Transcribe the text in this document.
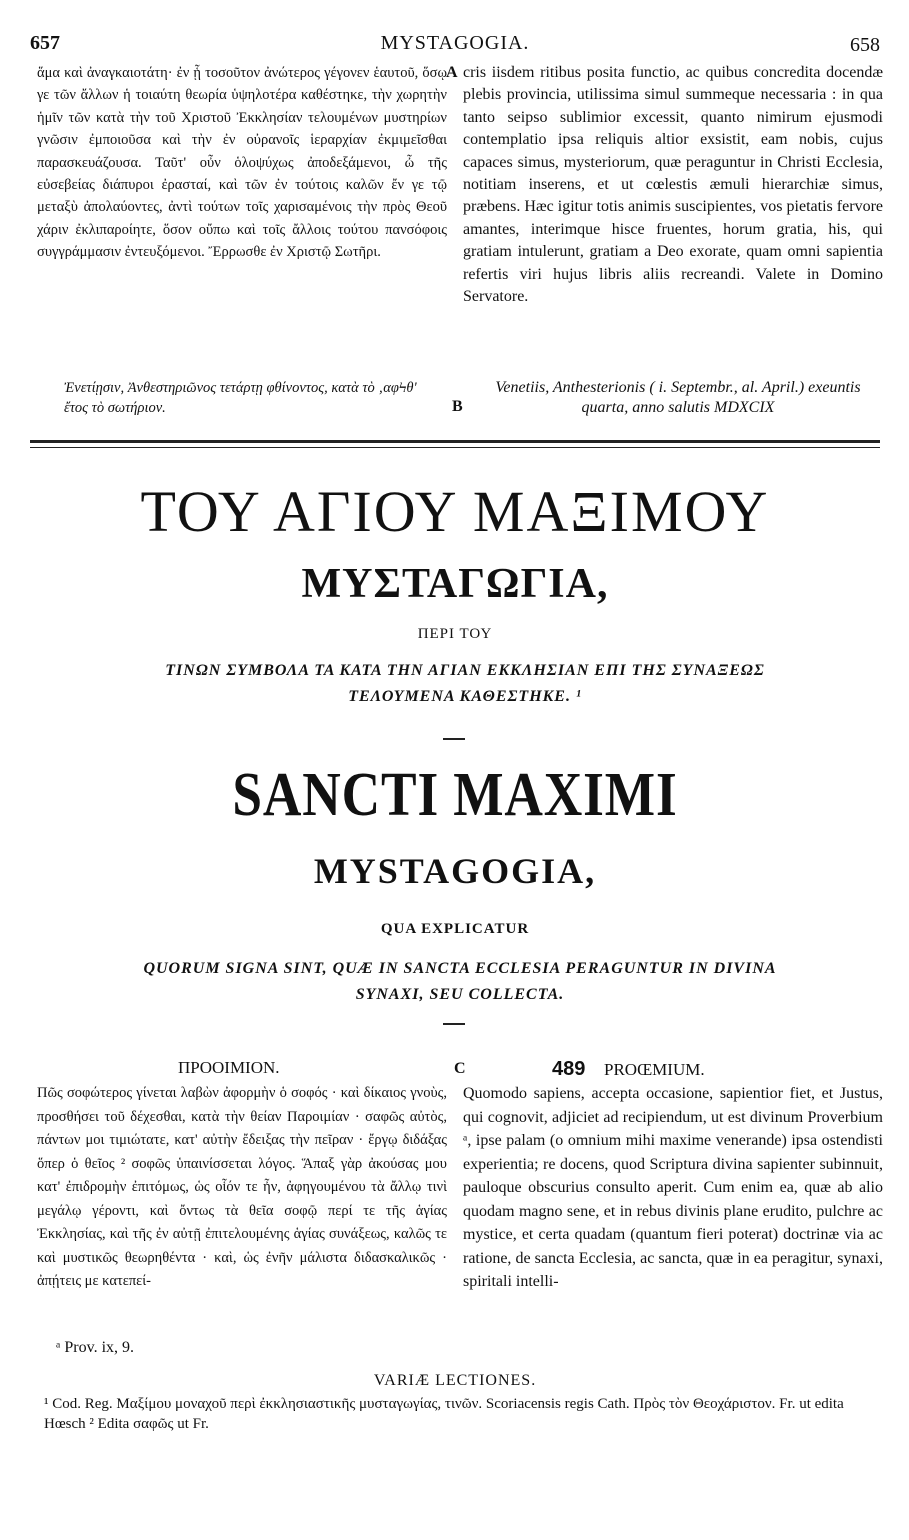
657	MYSTAGOGIA.	658

ἅμα καὶ ἀναγκαιοτάτη· ἐν ᾗ τοσοῦτον ἀνώτερος γέγονεν ἑαυτοῦ, ὅσῳ γε τῶν ἄλλων ἡ τοιαύτη θεωρία ὑψηλοτέρα καθέστηκε, τὴν χωρητὴν ἡμῖν τῶν κατὰ τὴν τοῦ Χριστοῦ Ἐκκλησίαν τελουμένων μυστηρίων γνῶσιν ἐμποιοῦσα καὶ τὴν ἐν οὐρανοῖς ἱεραρχίαν ἐκμιμεῖσθαι παρασκευάζουσα. Ταῦτ' οὖν ὁλοψύχως ἀποδεξάμενοι, ὦ τῆς εὐσεβείας διάπυροι ἐρασταί, καὶ τῶν ἐν τούτοις καλῶν ἔν γε τῷ μεταξὺ ἀπολαύοντες, ἀντὶ τούτων τοῖς χαρισαμένοις τὴν πρὸς Θεοῦ χάριν ἐκλιπαροίητε, ὅσον οὔπω καὶ τοῖς ἄλλοις τούτου πανσόφοις συγγράμμασιν ἐντευξόμενοι. Ἔρρωσθε ἐν Χριστῷ Σωτῆρι.

Ἐνετίῃσιν, Ἀνθεστηριῶνος τετάρτῃ φθίνοντος, κατὰ τὸ ‚αφϞθ' ἔτος τὸ σωτήριον.

cris iisdem ritibus posita functio, ac quibus concredita docendæ plebis provincia, utilissima simul summeque necessaria : in qua tanto seipso sublimior excessit, quanto nimirum ejusmodi contemplatio ipsa reliquis altior exsistit, eam nobis, cujus capaces simus, mysteriorum, quæ peraguntur in Christi Ecclesia, notitiam inserens, et ut cœlestis æmuli hierarchiæ simus, præbens. Hæc igitur totis animis suscipientes, vos pietatis fervore amantes, interimque hisce fruentes, horum gratia, his, qui gratiam intulerunt, gratiam a Deo exorate, quam omni sapientia refertis viri hujus libris aliis recreandi. Valete in Domino Servatore.

Venetiis, Anthesterionis ( i. Septembr., al. April.) exeuntis quarta, anno salutis MDXCIX

A
B
C

ΤΟΥ ΑΓΙΟΥ ΜΑΞΙΜΟΥ

ΜΥΣΤΑΓΩΓΙΑ,

ΠΕΡΙ ΤΟΥ

ΤΙΝΩΝ ΣΥΜΒΟΛΑ ΤΑ ΚΑΤΑ ΤΗΝ ΑΓΙΑΝ ΕΚΚΛΗΣΙΑΝ ΕΠΙ ΤΗΣ ΣΥΝΑΞΕΩΣ ΤΕΛΟΥΜΕΝΑ ΚΑΘΕΣΤΗΚΕ. ¹

SANCTI MAXIMI

MYSTAGOGIA,

QUA EXPLICATUR

QUORUM SIGNA SINT, QUÆ IN SANCTA ECCLESIA PERAGUNTUR IN DIVINA SYNAXI, SEU COLLECTA.

ΠΡΟΟΙΜΙΟΝ.	489 PROŒMIUM.

Πῶς σοφώτερος γίνεται λαβὼν ἀφορμὴν ὁ σοφός · καὶ δίκαιος γνοὺς, προσθήσει τοῦ δέχεσθαι, κατὰ τὴν θείαν Παροιμίαν · σαφῶς αὐτὸς, πάντων μοι τιμιώτατε, κατ' αὐτὴν ἔδειξας τὴν πεῖραν · ἔργῳ διδάξας ὅπερ ὁ θεῖος ² σοφῶς ὑπαινίσσεται λόγος. Ἅπαξ γὰρ ἀκούσας μου κατ' ἐπιδρομὴν ἐπιτόμως, ὡς οἷόν τε ἦν, ἀφηγουμένου τὰ ἄλλῳ τινὶ μεγάλῳ γέροντι, καὶ ὄντως τὰ θεῖα σοφῷ περί τε τῆς ἁγίας Ἐκκλησίας, καὶ τῆς ἐν αὐτῇ ἐπιτελουμένης ἁγίας συνάξεως, καλῶς τε καὶ μυστικῶς θεωρηθέντα · καὶ, ὡς ἐνῆν μάλιστα διδασκαλικῶς · ἀπῄτεις με κατεπεί-

Quomodo sapiens, accepta occasione, sapientior fiet, et Justus, qui cognovit, adjiciet ad recipiendum, ut est divinum Proverbium ᵃ, ipse palam (o omnium mihi maxime venerande) ipsa ostendisti experientia; re docens, quod Scriptura divina sapienter subinnuit, pauloque obscurius consulto aperit. Cum enim ea, quæ ab alio quodam magno sene, et in rebus divinis plane erudito, pulchre ac mystice, et certa quadam (quantum fieri poterat) doctrinæ via ac ratione, de sancta Ecclesia, ac sancta, quæ in ea peragitur, synaxi, spiritali intelli-

ᵃ Prov. ix, 9.
VARIÆ LECTIONES.

¹ Cod. Reg. Μαξίμου μοναχοῦ περὶ ἐκκλησιαστικῆς μυσταγωγίας, τινῶν. Scoriacensis regis Cath. Πρὸς τὸν Θεοχάριστον. Fr. ut edita Hœsch ² Edita σαφῶς ut Fr.
